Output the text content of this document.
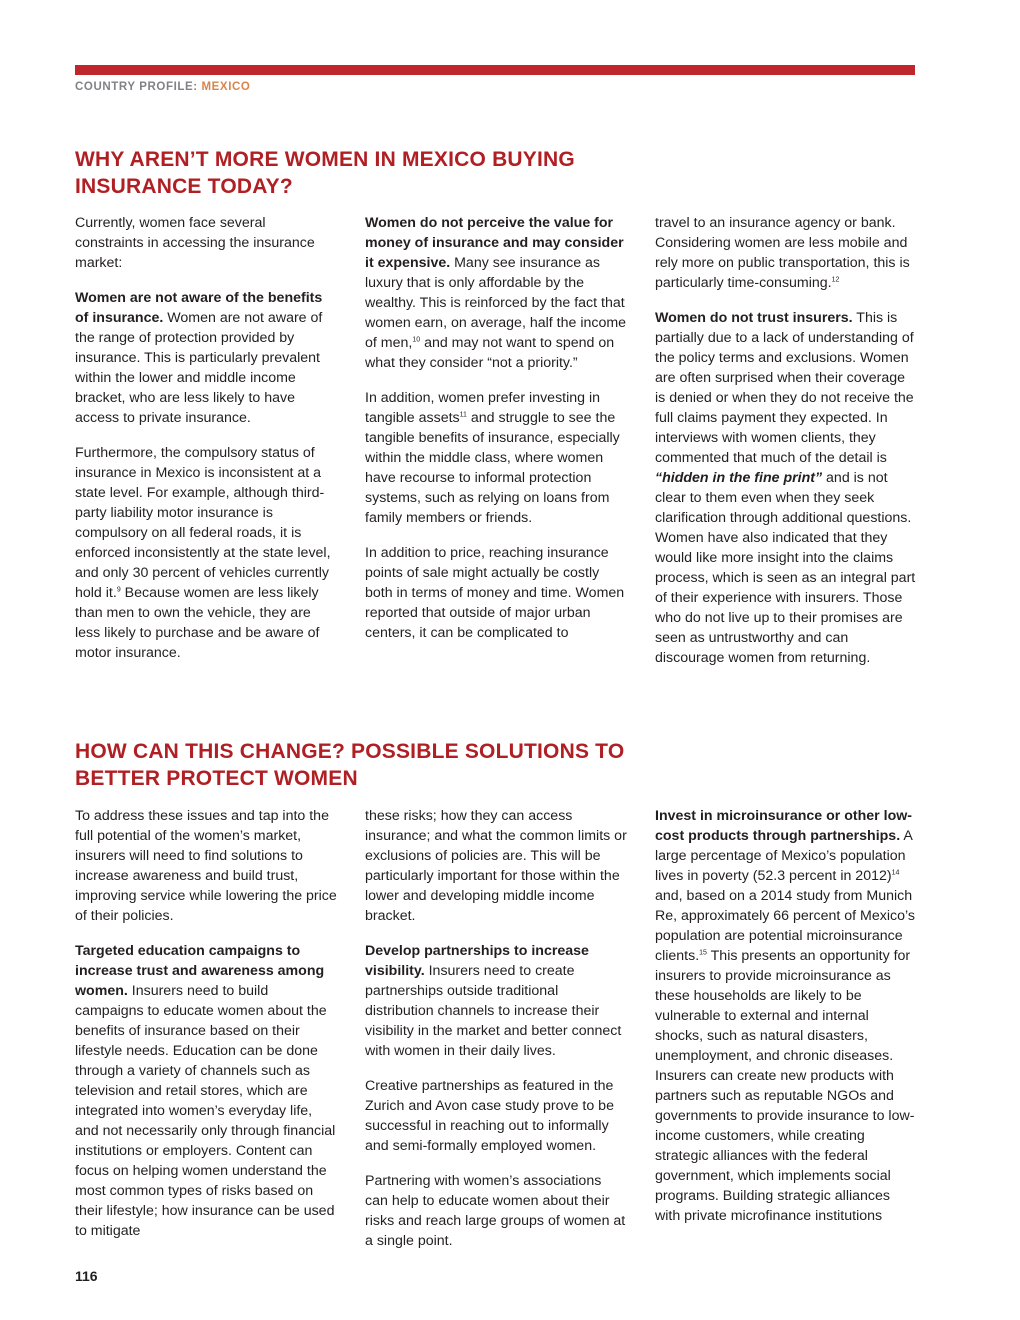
COUNTRY PROFILE: MEXICO
WHY AREN’T MORE WOMEN IN MEXICO BUYING INSURANCE TODAY?

Currently, women face several constraints in accessing the insurance market:

Women are not aware of the benefits of insurance. Women are not aware of the range of protection provided by insurance. This is particularly prevalent within the lower and middle income bracket, who are less likely to have access to private insurance.

Furthermore, the compulsory status of insurance in Mexico is inconsistent at a state level. For example, although third-party liability motor insurance is compulsory on all federal roads, it is enforced inconsistently at the state level, and only 30 percent of vehicles currently hold it.$^9$ Because women are less likely than men to own the vehicle, they are less likely to purchase and be aware of motor insurance.

Women do not perceive the value for money of insurance and may consider it expensive. Many see insurance as luxury that is only affordable by the wealthy. This is reinforced by the fact that women earn, on average, half the income of men,$^{10}$ and may not want to spend on what they consider “not a priority.”

In addition, women prefer investing in tangible assets$^{11}$ and struggle to see the tangible benefits of insurance, especially within the middle class, where women have recourse to informal protection systems, such as relying on loans from family members or friends.

In addition to price, reaching insurance points of sale might actually be costly both in terms of money and time. Women reported that outside of major urban centers, it can be complicated to

travel to an insurance agency or bank. Considering women are less mobile and rely more on public transportation, this is particularly time-consuming.$^{12}$

Women do not trust insurers. This is partially due to a lack of understanding of the policy terms and exclusions. Women are often surprised when their coverage is denied or when they do not receive the full claims payment they expected. In interviews with women clients, they commented that much of the detail is “hidden in the fine print” and is not clear to them even when they seek clarification through additional questions. Women have also indicated that they would like more insight into the claims process, which is seen as an integral part of their experience with insurers. Those who do not live up to their promises are seen as untrustworthy and can discourage women from returning.

HOW CAN THIS CHANGE? POSSIBLE SOLUTIONS TO BETTER PROTECT WOMEN

To address these issues and tap into the full potential of the women’s market, insurers will need to find solutions to increase awareness and build trust, improving service while lowering the price of their policies.

Targeted education campaigns to increase trust and awareness among women. Insurers need to build campaigns to educate women about the benefits of insurance based on their lifestyle needs. Education can be done through a variety of channels such as television and retail stores, which are integrated into women’s everyday life, and not necessarily only through financial institutions or employers. Content can focus on helping women understand the most common types of risks based on their lifestyle; how insurance can be used to mitigate

these risks; how they can access insurance; and what the common limits or exclusions of policies are. This will be particularly important for those within the lower and developing middle income bracket.

Develop partnerships to increase visibility. Insurers need to create partnerships outside traditional distribution channels to increase their visibility in the market and better connect with women in their daily lives.

Creative partnerships as featured in the Zurich and Avon case study prove to be successful in reaching out to informally and semi-formally employed women.

Partnering with women’s associations can help to educate women about their risks and reach large groups of women at a single point.

Invest in microinsurance or other low-cost products through partnerships. A large percentage of Mexico’s population lives in poverty (52.3 percent in 2012)$^{14}$ and, based on a 2014 study from Munich Re, approximately 66 percent of Mexico’s population are potential microinsurance clients.$^{15}$ This presents an opportunity for insurers to provide microinsurance as these households are likely to be vulnerable to external and internal shocks, such as natural disasters, unemployment, and chronic diseases. Insurers can create new products with partners such as reputable NGOs and governments to provide insurance to low-income customers, while creating strategic alliances with the federal government, which implements social programs. Building strategic alliances with private microfinance institutions

116
